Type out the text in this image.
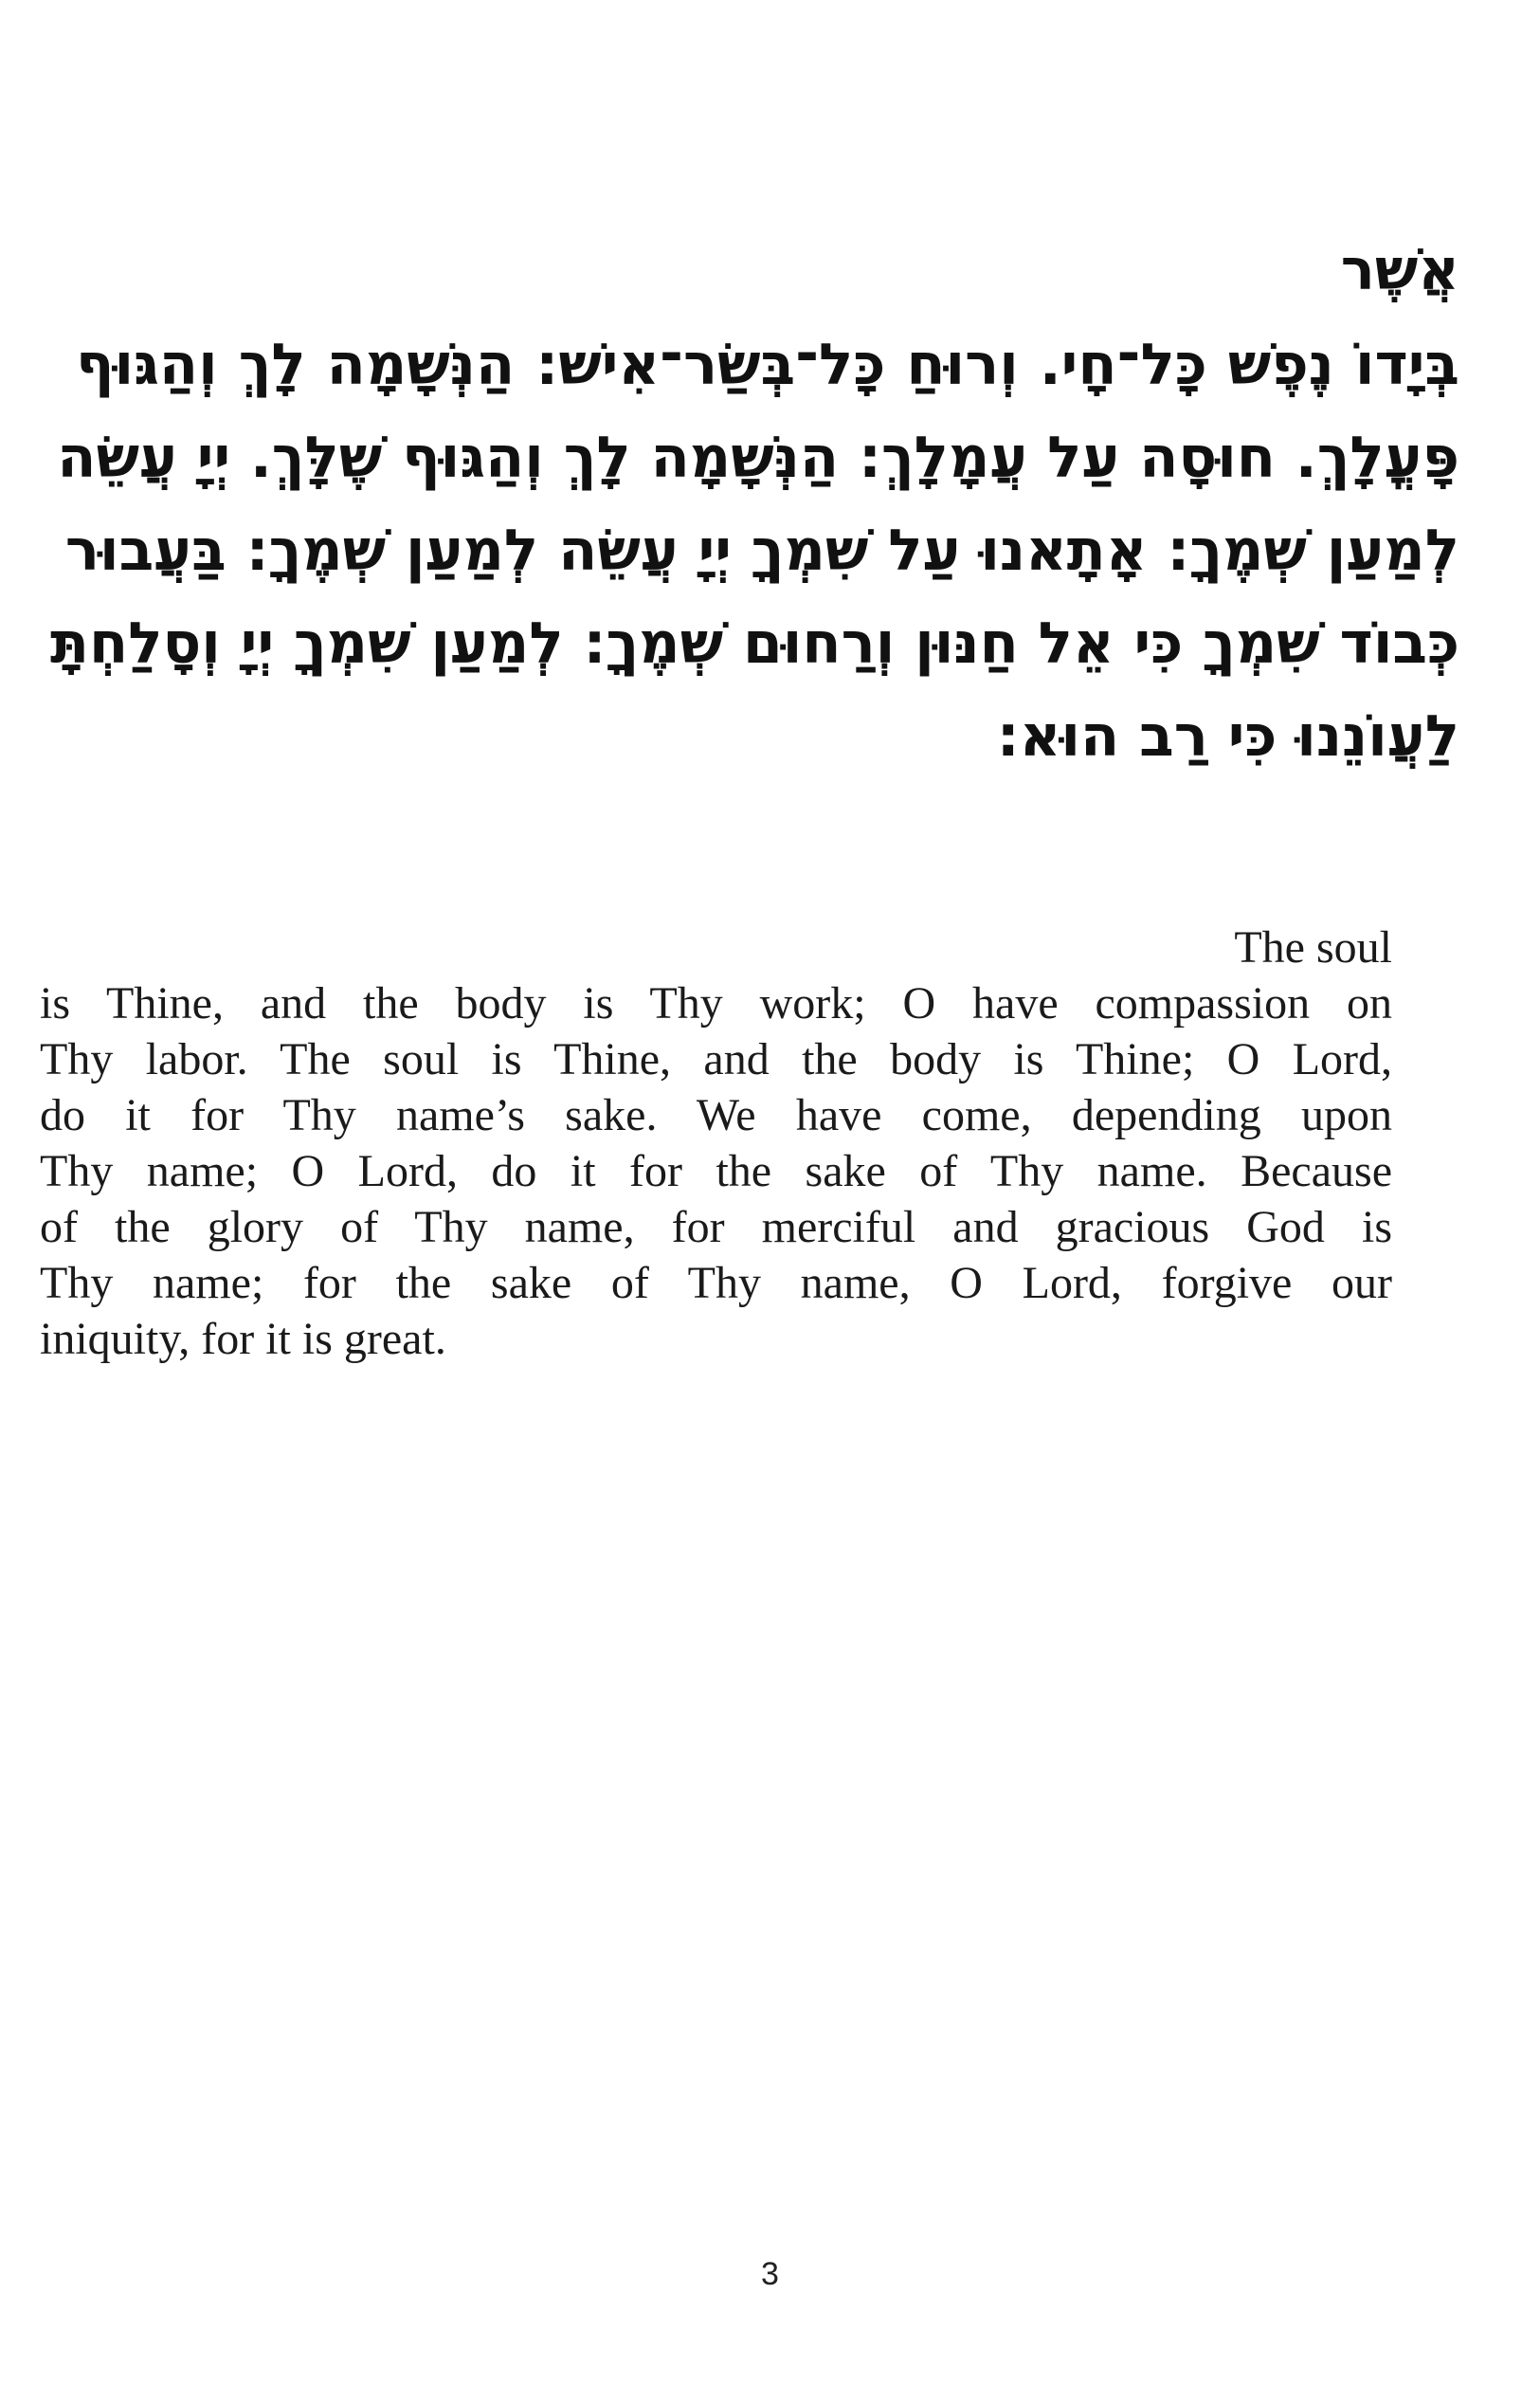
אֲשֶׁר
בְּיָדוֹ נֶפֶשׁ כָּל־חָי. וְרוּחַ כָּל־בְּשַׂר־אִישׁ: הַנְּשָׁמָה לָךְ וְהַגּוּף
פָּעֳלָךְ. חוּסָה עַל עֲמָלָךְ: הַנְּשָׁמָה לָךְ וְהַגּוּף שֶׁלָּךְ. יְיָ עֲשֵׂה
לְמַעַן שְׁמֶךָ: אָתָאנוּ עַל שִׁמְךָ יְיָ עֲשֵׂה לְמַעַן שְׁמֶךָ: בַּעֲבוּר
כְּבוֹד שִׁמְךָ כִּי אֵל חַנּוּן וְרַחוּם שְׁמֶךָ: לְמַעַן שִׁמְךָ יְיָ וְסָלַחְתָּ
לַעֲוֹנֵנוּ כִּי רַב הוּא:
The soul
is Thine, and the body is Thy work; O have compassion on
Thy labor. The soul is Thine, and the body is Thine; O Lord,
do it for Thy name’s sake. We have come, depending upon
Thy name; O Lord, do it for the sake of Thy name. Because
of the glory of Thy name, for merciful and gracious God is
Thy name; for the sake of Thy name, O Lord, forgive our
iniquity, for it is great.
3
